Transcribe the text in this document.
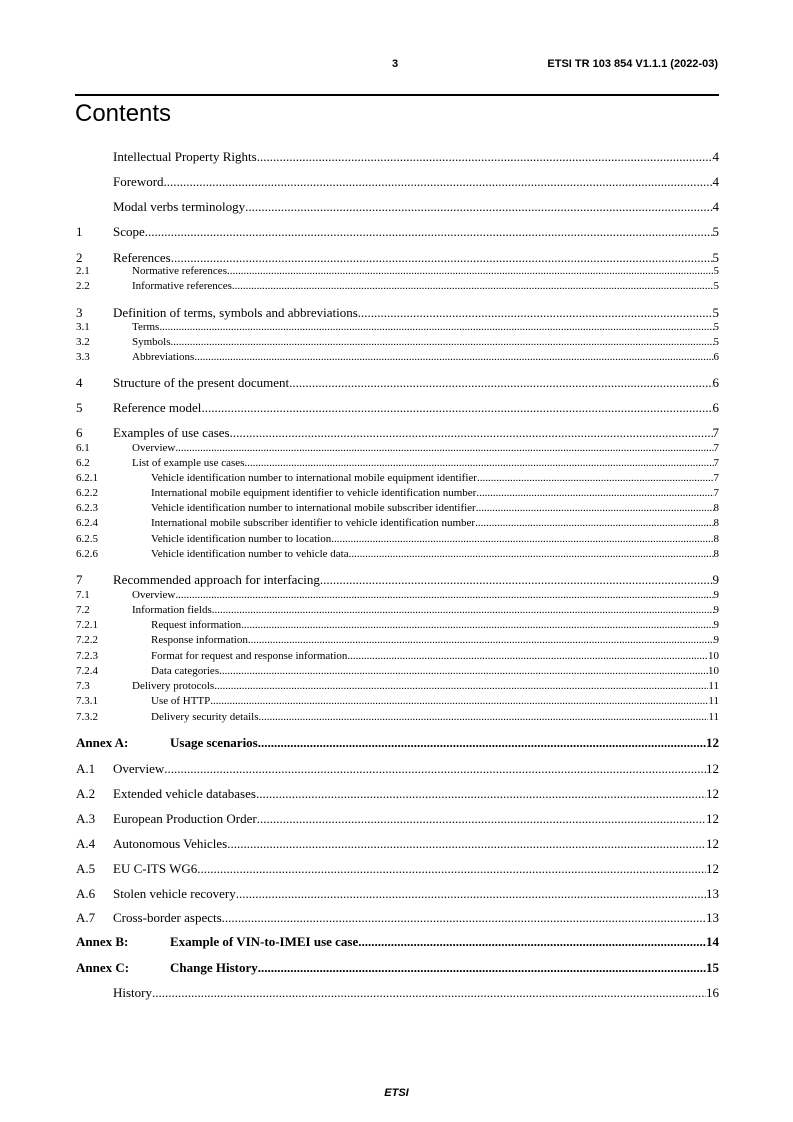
3	ETSI TR 103 854 V1.1.1 (2022-03)
Contents
Intellectual Property Rights .....	4
Foreword .....	4
Modal verbs terminology .....	4
1	Scope .....	5
2	References .....	5
2.1	Normative references .....	5
2.2	Informative references .....	5
3	Definition of terms, symbols and abbreviations .....	5
3.1	Terms .....	5
3.2	Symbols .....	5
3.3	Abbreviations .....	6
4	Structure of the present document .....	6
5	Reference model .....	6
6	Examples of use cases .....	7
6.1	Overview .....	7
6.2	List of example use cases .....	7
6.2.1	Vehicle identification number to international mobile equipment identifier .....	7
6.2.2	International mobile equipment identifier to vehicle identification number .....	7
6.2.3	Vehicle identification number to international mobile subscriber identifier .....	8
6.2.4	International mobile subscriber identifier to vehicle identification number .....	8
6.2.5	Vehicle identification number to location .....	8
6.2.6	Vehicle identification number to vehicle data .....	8
7	Recommended approach for interfacing .....	9
7.1	Overview .....	9
7.2	Information fields .....	9
7.2.1	Request information .....	9
7.2.2	Response information .....	9
7.2.3	Format for request and response information .....	10
7.2.4	Data categories .....	10
7.3	Delivery protocols .....	11
7.3.1	Use of HTTP .....	11
7.3.2	Delivery security details .....	11
Annex A:	Usage scenarios .....	12
A.1	Overview .....	12
A.2	Extended vehicle databases .....	12
A.3	European Production Order .....	12
A.4	Autonomous Vehicles .....	12
A.5	EU C-ITS WG6 .....	12
A.6	Stolen vehicle recovery .....	13
A.7	Cross-border aspects .....	13
Annex B:	Example of VIN-to-IMEI use case .....	14
Annex C:	Change History .....	15
History .....	16
ETSI
